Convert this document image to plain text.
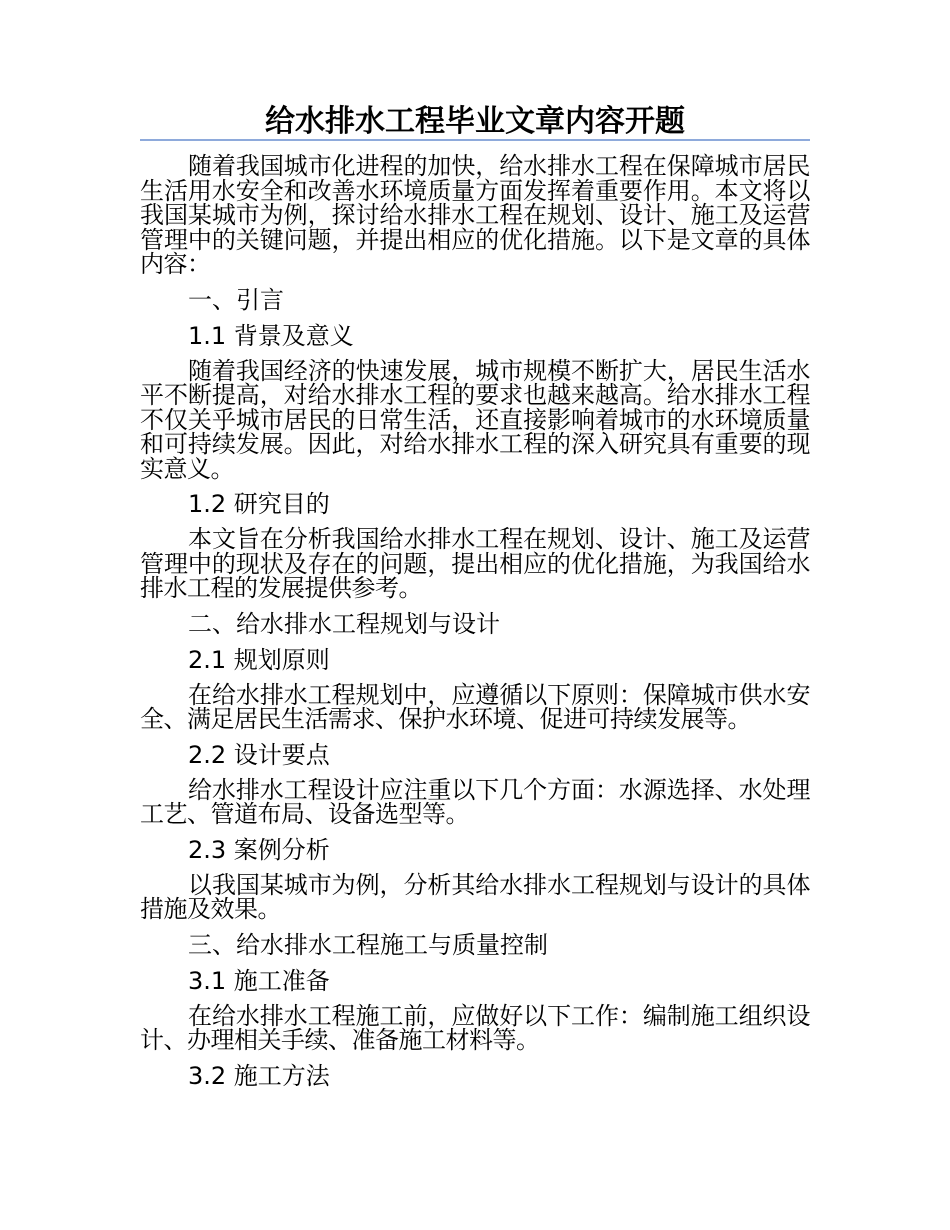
给水排水工程毕业文章内容开题

随着我国城市化进程的加快，给水排水工程在保障城市居民生活用水安全和改善水环境质量方面发挥着重要作用。本文将以我国某城市为例，探讨给水排水工程在规划、设计、施工及运营管理中的关键问题，并提出相应的优化措施。以下是文章的具体内容：

一、引言
1.1 背景及意义

随着我国经济的快速发展，城市规模不断扩大，居民生活水平不断提高，对给水排水工程的要求也越来越高。给水排水工程不仅关乎城市居民的日常生活，还直接影响着城市的水环境质量和可持续发展。因此，对给水排水工程的深入研究具有重要的现实意义。

1.2 研究目的

本文旨在分析我国给水排水工程在规划、设计、施工及运营管理中的现状及存在的问题，提出相应的优化措施，为我国给水排水工程的发展提供参考。

二、给水排水工程规划与设计
2.1 规划原则

在给水排水工程规划中，应遵循以下原则：保障城市供水安全、满足居民生活需求、保护水环境、促进可持续发展等。

2.2 设计要点

给水排水工程设计应注重以下几个方面：水源选择、水处理工艺、管道布局、设备选型等。

2.3 案例分析

以我国某城市为例，分析其给水排水工程规划与设计的具体措施及效果。

三、给水排水工程施工与质量控制
3.1 施工准备

在给水排水工程施工前，应做好以下工作：编制施工组织设计、办理相关手续、准备施工材料等。

3.2 施工方法
